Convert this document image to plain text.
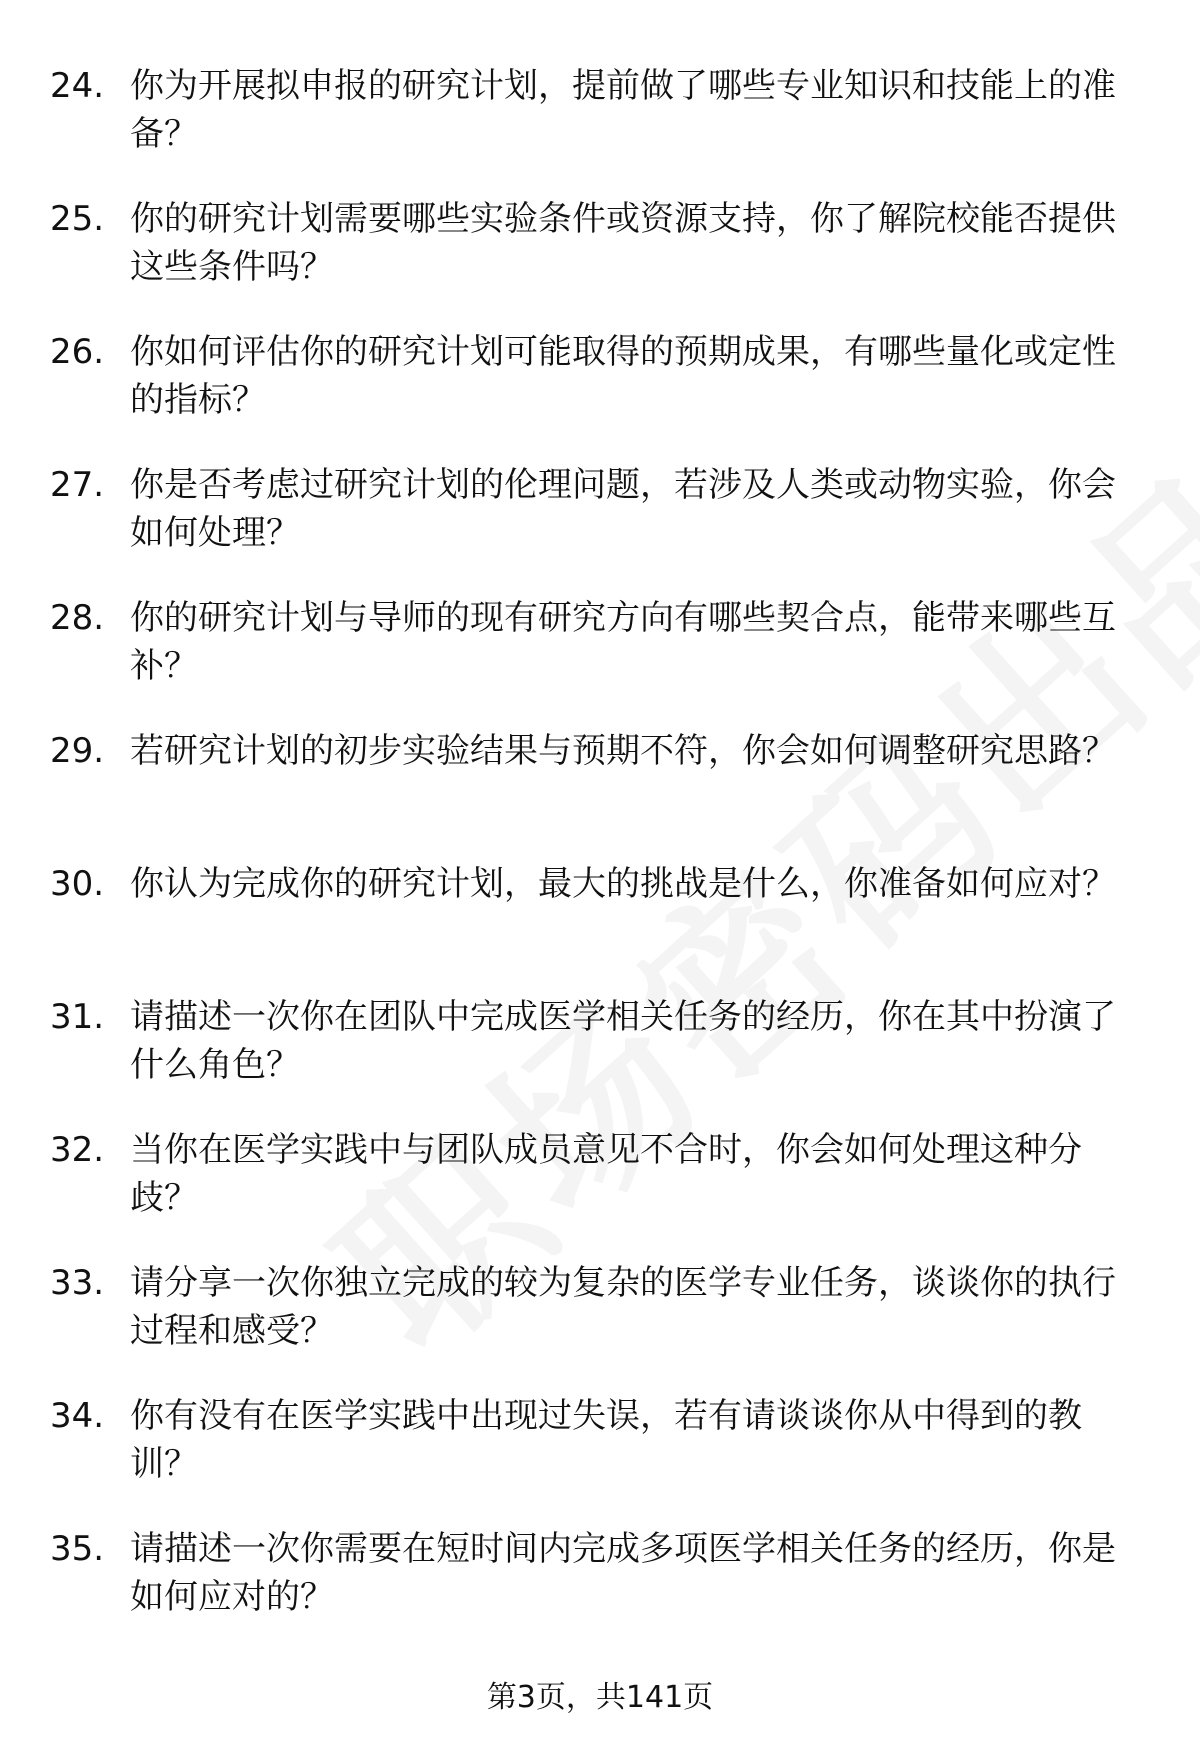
24. 你为开展拟申报的研究计划，提前做了哪些专业知识和技能上的准备？
25. 你的研究计划需要哪些实验条件或资源支持，你了解院校能否提供这些条件吗？
26. 你如何评估你的研究计划可能取得的预期成果，有哪些量化或定性的指标？
27. 你是否考虑过研究计划的伦理问题，若涉及人类或动物实验，你会如何处理？
28. 你的研究计划与导师的现有研究方向有哪些契合点，能带来哪些互补？
29. 若研究计划的初步实验结果与预期不符，你会如何调整研究思路？
30. 你认为完成你的研究计划，最大的挑战是什么，你准备如何应对？
31. 请描述一次你在团队中完成医学相关任务的经历，你在其中扮演了什么角色？
32. 当你在医学实践中与团队成员意见不合时，你会如何处理这种分歧？
33. 请分享一次你独立完成的较为复杂的医学专业任务，谈谈你的执行过程和感受？
34. 你有没有在医学实践中出现过失误，若有请谈谈你从中得到的教训？
35. 请描述一次你需要在短时间内完成多项医学相关任务的经历，你是如何应对的？
第3页，共141页
